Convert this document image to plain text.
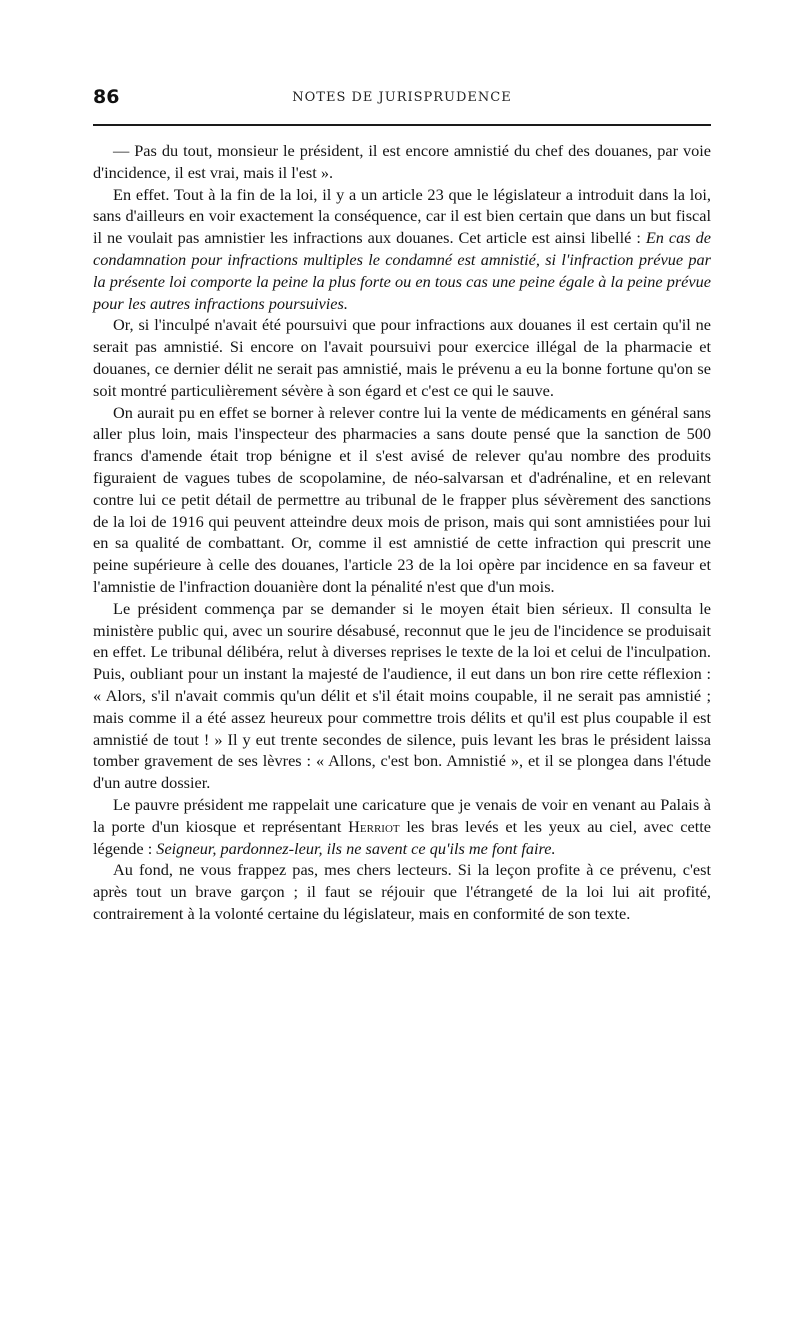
86	NOTES DE JURISPRUDENCE

— Pas du tout, monsieur le président, il est encore amnistié du chef des douanes, par voie d'incidence, il est vrai, mais il l'est ».

En effet. Tout à la fin de la loi, il y a un article 23 que le législateur a introduit dans la loi, sans d'ailleurs en voir exactement la conséquence, car il est bien certain que dans un but fiscal il ne voulait pas amnistier les infractions aux douanes. Cet article est ainsi libellé : En cas de condamnation pour infractions multiples le condamné est amnistié, si l'infraction prévue par la présente loi comporte la peine la plus forte ou en tous cas une peine égale à la peine prévue pour les autres infractions poursuivies.

Or, si l'inculpé n'avait été poursuivi que pour infractions aux douanes il est certain qu'il ne serait pas amnistié. Si encore on l'avait poursuivi pour exercice illégal de la pharmacie et douanes, ce dernier délit ne serait pas amnistié, mais le prévenu a eu la bonne fortune qu'on se soit montré particulièrement sévère à son égard et c'est ce qui le sauve.

On aurait pu en effet se borner à relever contre lui la vente de médicaments en général sans aller plus loin, mais l'inspecteur des pharmacies a sans doute pensé que la sanction de 500 francs d'amende était trop bénigne et il s'est avisé de relever qu'au nombre des produits figuraient de vagues tubes de scopolamine, de néo-salvarsan et d'adrénaline, et en relevant contre lui ce petit détail de permettre au tribunal de le frapper plus sévèrement des sanctions de la loi de 1916 qui peuvent atteindre deux mois de prison, mais qui sont amnistiées pour lui en sa qualité de combattant. Or, comme il est amnistié de cette infraction qui prescrit une peine supérieure à celle des douanes, l'article 23 de la loi opère par incidence en sa faveur et l'amnistie de l'infraction douanière dont la pénalité n'est que d'un mois.

Le président commença par se demander si le moyen était bien sérieux. Il consulta le ministère public qui, avec un sourire désabusé, reconnut que le jeu de l'incidence se produisait en effet. Le tribunal délibéra, relut à diverses reprises le texte de la loi et celui de l'inculpation. Puis, oubliant pour un instant la majesté de l'audience, il eut dans un bon rire cette réflexion : « Alors, s'il n'avait commis qu'un délit et s'il était moins coupable, il ne serait pas amnistié ; mais comme il a été assez heureux pour commettre trois délits et qu'il est plus coupable il est amnistié de tout ! » Il y eut trente secondes de silence, puis levant les bras le président laissa tomber gravement de ses lèvres : « Allons, c'est bon. Amnistié », et il se plongea dans l'étude d'un autre dossier.

Le pauvre président me rappelait une caricature que je venais de voir en venant au Palais à la porte d'un kiosque et représentant Herriot les bras levés et les yeux au ciel, avec cette légende : Seigneur, pardonnez-leur, ils ne savent ce qu'ils me font faire.

Au fond, ne vous frappez pas, mes chers lecteurs. Si la leçon profite à ce prévenu, c'est après tout un brave garçon ; il faut se réjouir que l'étrangeté de la loi lui ait profité, contrairement à la volonté certaine du législateur, mais en conformité de son texte.
